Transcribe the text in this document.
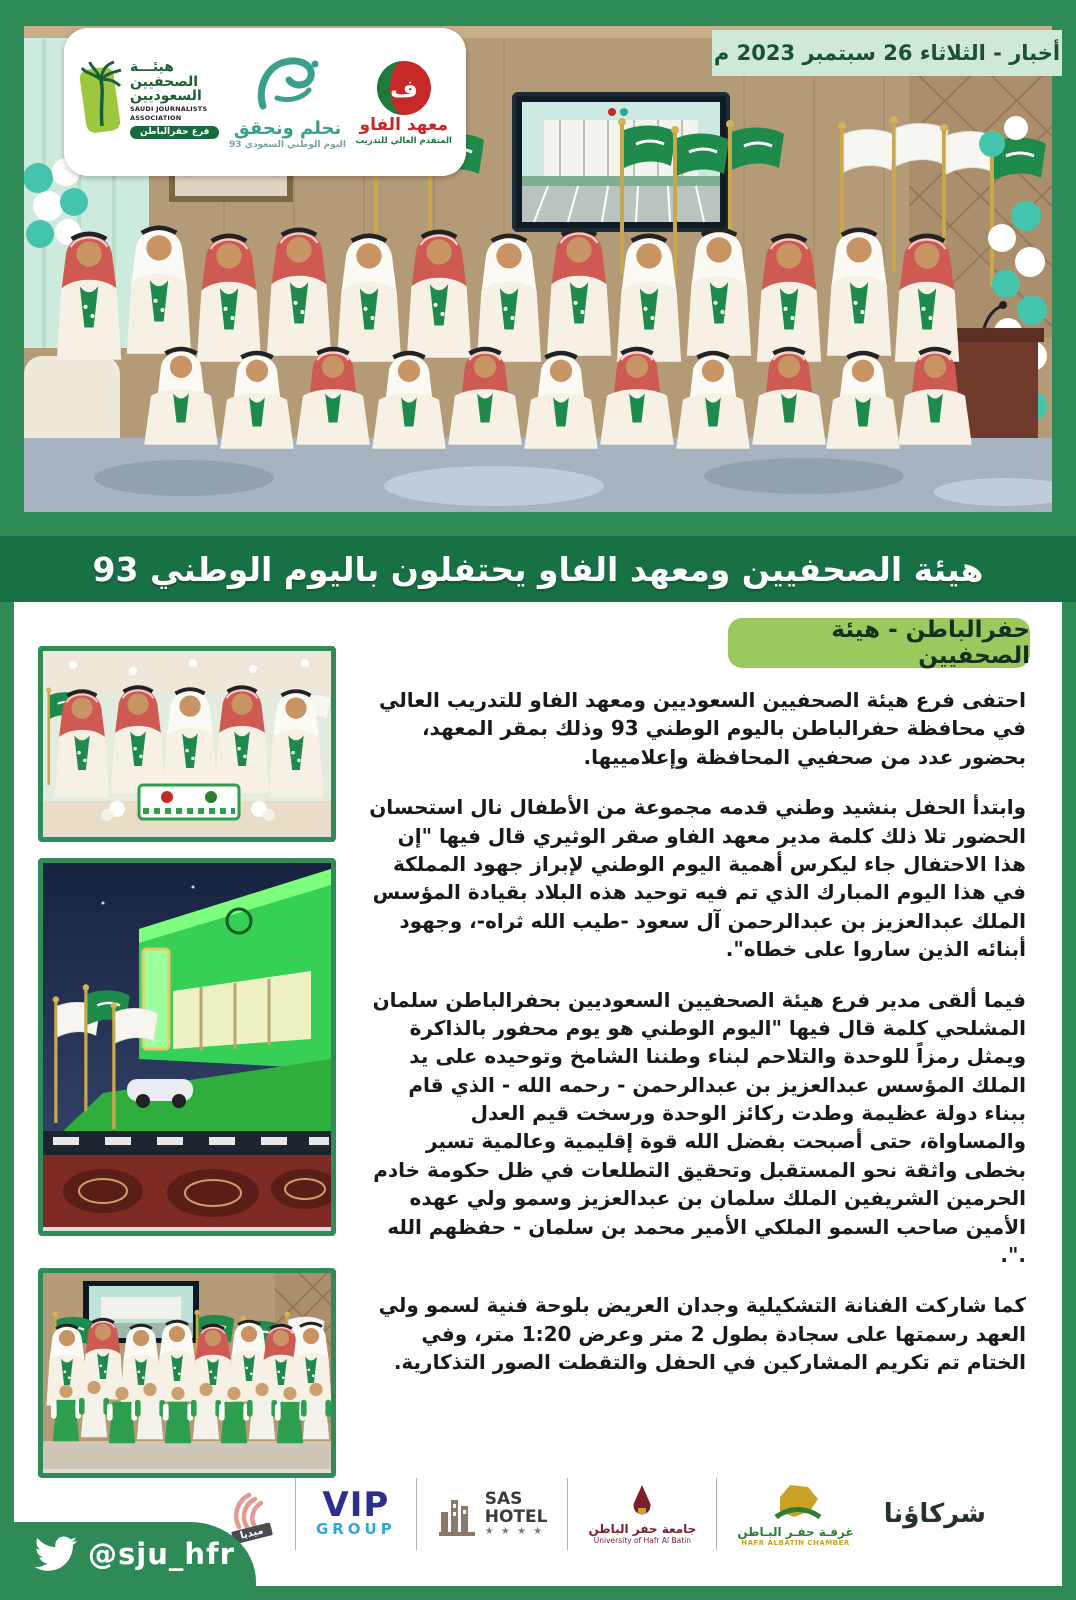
هيئـــة
الصحفيين
السعوديين
SAUDI JOURNALISTS
ASSOCIATION
فرع حفرالباطن	نحلم ونحقق
اليوم الوطني السعودي 93
ف
معهد الفاو
المتقدم العالي للتدريب
أخبار - الثلاثاء 26 سبتمبر 2023 م
هيئة الصحفيين ومعهد الفاو يحتفلون باليوم الوطني 93
حفرالباطن - هيئة الصحفيين

احتفى فرع هيئة الصحفيين السعوديين ومعهد الفاو للتدريب العالي في محافظة حفرالباطن باليوم الوطني 93 وذلك بمقر المعهد، بحضور عدد من صحفيي المحافظة وإعلامييها.

وابتدأ الحفل بنشيد وطني قدمه مجموعة من الأطفال نال استحسان الحضور تلا ذلك كلمة مدير معهد الفاو صقر الوثيري قال فيها "إن هذا الاحتفال جاء ليكرس أهمية اليوم الوطني لإبراز جهود المملكة في هذا اليوم المبارك الذي تم فيه توحيد هذه البلاد بقيادة المؤسس الملك عبدالعزيز بن عبدالرحمن آل سعود -طيب الله ثراه-، وجهود أبنائه الذين ساروا على خطاه".

فيما ألقى مدير فرع هيئة الصحفيين السعوديين بحفرالباطن سلمان المشلحي كلمة قال فيها "اليوم الوطني هو يوم محفور بالذاكرة ويمثل رمزاً للوحدة والتلاحم لبناء وطننا الشامخ وتوحيده على يد الملك المؤسس عبدالعزيز بن عبدالرحمن - رحمه الله - الذي قام ببناء دولة عظيمة وطدت ركائز الوحدة ورسخت قيم العدل والمساواة، حتى أصبحت بفضل الله قوة إقليمية وعالمية تسير بخطى واثقة نحو المستقبل وتحقيق التطلعات في ظل حكومة خادم الحرمين الشريفين الملك سلمان بن عبدالعزيز وسمو ولي عهده الأمين صاحب السمو الملكي الأمير محمد بن سلمان - حفظهم الله .".

كما شاركت الفنانة التشكيلية وجدان العريض بلوحة فنية لسمو ولي العهد رسمتها على سجادة بطول 2 متر وعرض 1:20 متر، وفي الختام تم تكريم المشاركين في الحفل والتقطت الصور التذكارية.

ميديا
VIP
GROUP
SAS
HOTEL
★ ★ ★ ★	جامعة حفر الباطن
University of Hafr Al Batin
غرفـة حفـر البـاطن
HAFR ALBATIN CHAMBER
شركاؤنا
@sju_hfr
